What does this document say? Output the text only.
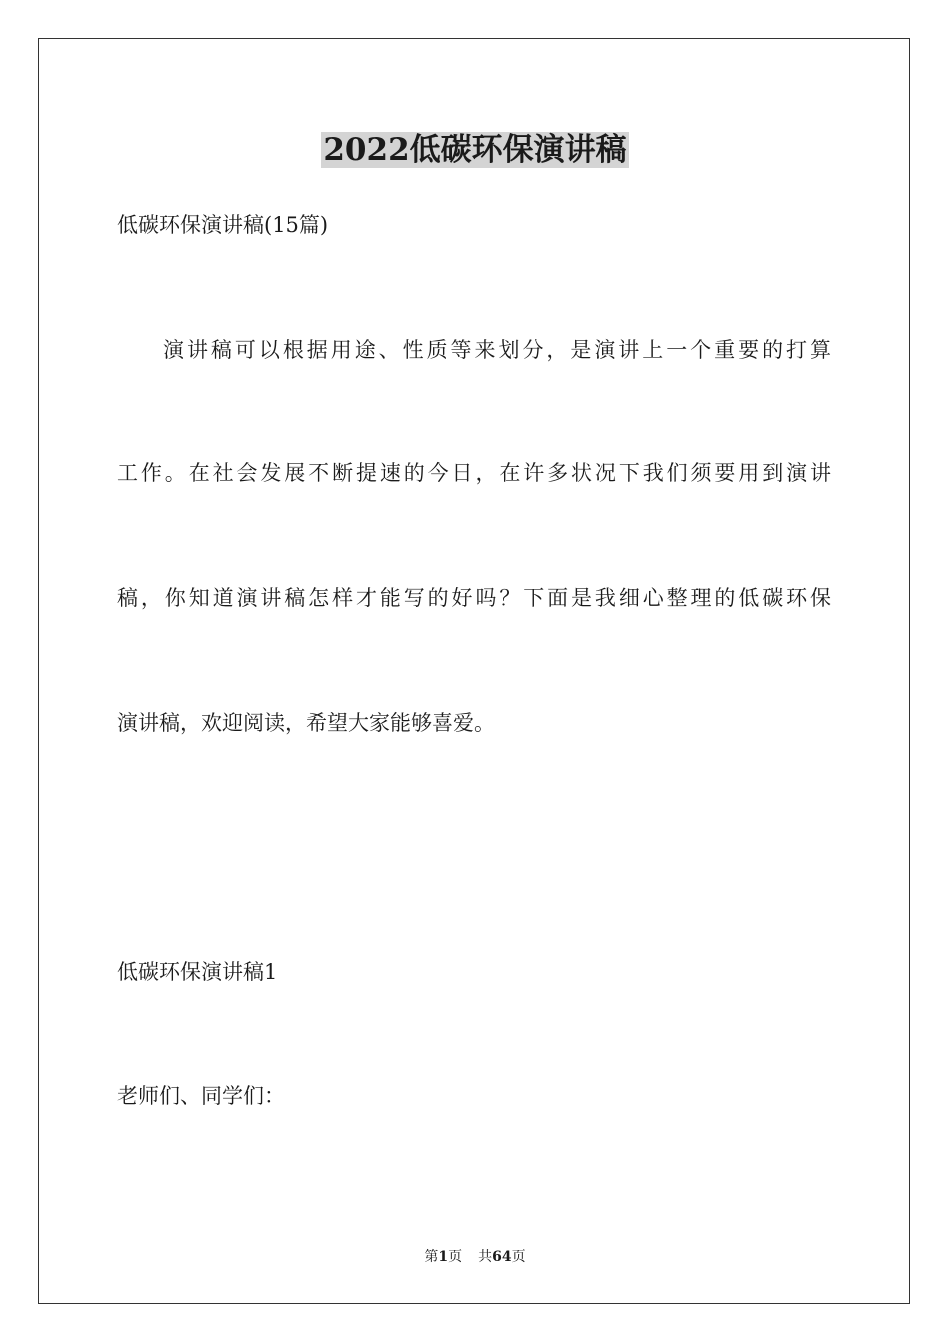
2022低碳环保演讲稿

低碳环保演讲稿(15篇)

演讲稿可以根据用途、性质等来划分，是演讲上一个重要的打算

工作。在社会发展不断提速的今日，在许多状况下我们须要用到演讲

稿，你知道演讲稿怎样才能写的好吗？下面是我细心整理的低碳环保

演讲稿，欢迎阅读，希望大家能够喜爱。

低碳环保演讲稿1

老师们、同学们：

第1页 共64页
